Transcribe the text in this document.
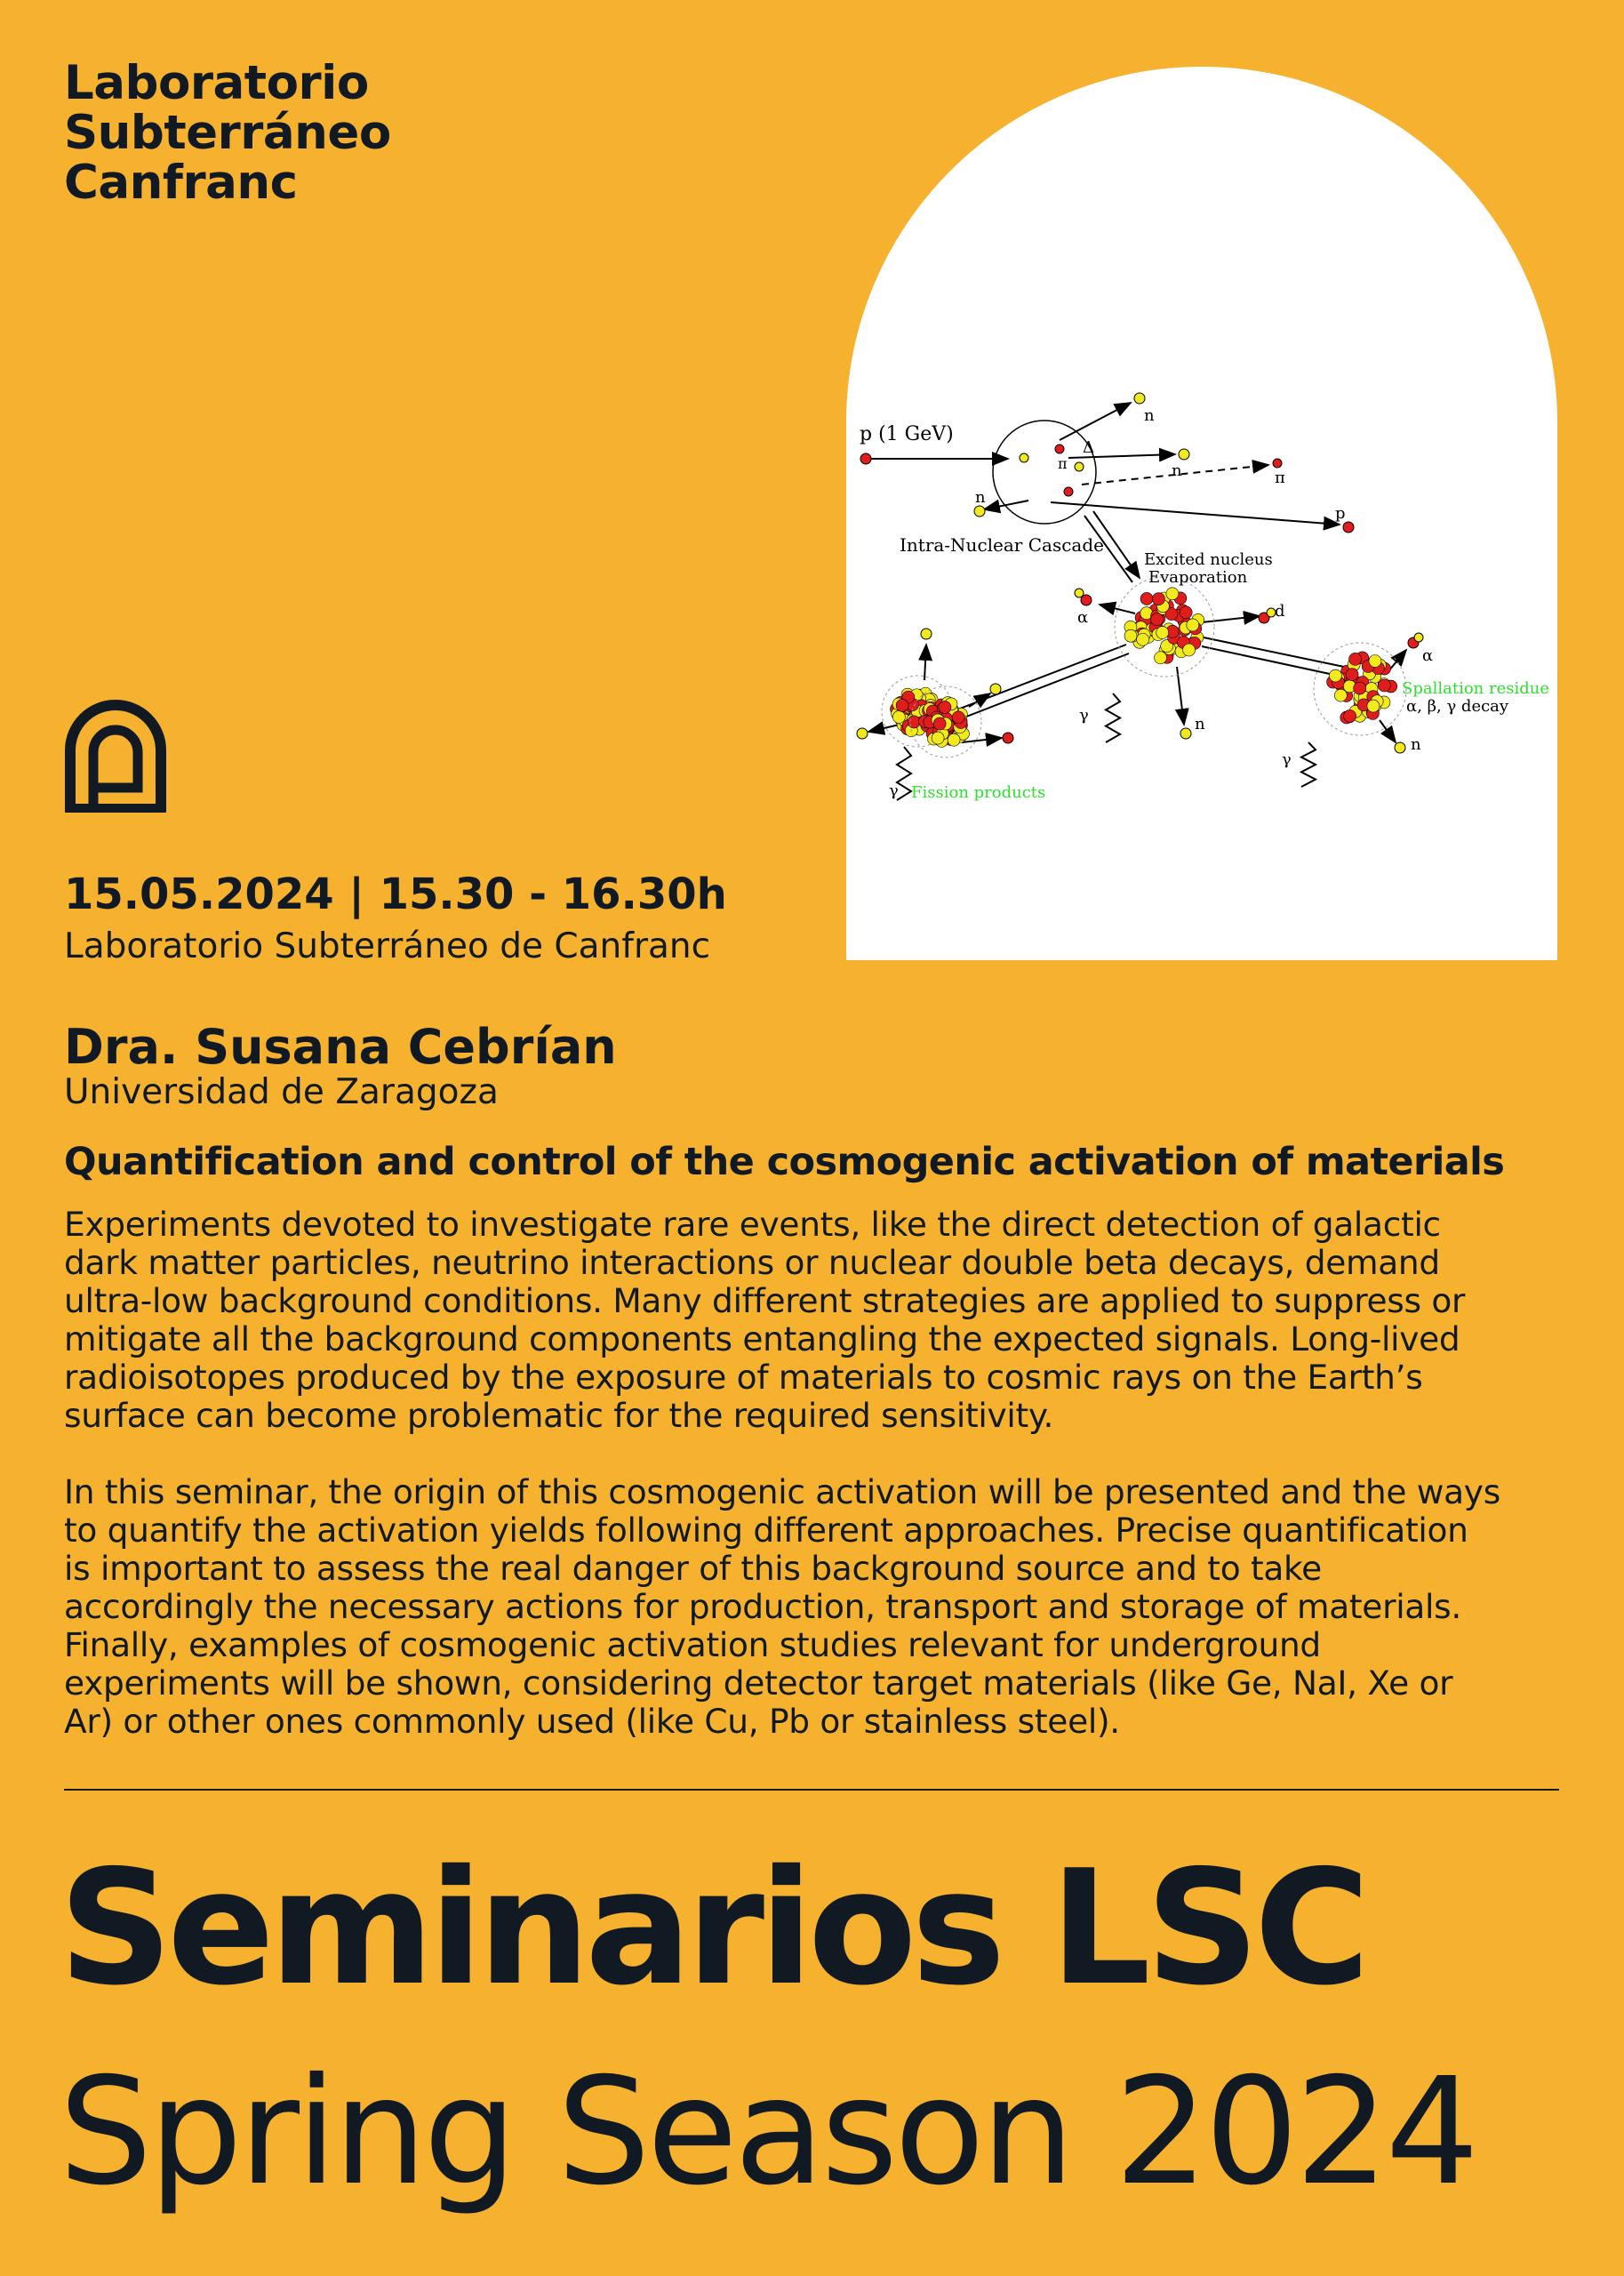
Laboratorio
Subterráneo
Canfranc
p (1 GeV)
n
Δ
π	n	π
n
p
Intra-Nuclear Cascade
Excited nucleus
Evaporation
α	d
γ	n
α
Spallation residue
α, β, γ decay
n
γ
γ Fission products
15.05.2024 | 15.30 - 16.30h
Laboratorio Subterráneo de Canfranc
Dra. Susana Cebrían
Universidad de Zaragoza
Quantification and control of the cosmogenic activation of materials

Experiments devoted to investigate rare events, like the direct detection of galactic
dark matter particles, neutrino interactions or nuclear double beta decays, demand
ultra-low background conditions. Many different strategies are applied to suppress or
mitigate all the background components entangling the expected signals. Long-lived
radioisotopes produced by the exposure of materials to cosmic rays on the Earth’s
surface can become problematic for the required sensitivity.

In this seminar, the origin of this cosmogenic activation will be presented and the ways
to quantify the activation yields following different approaches. Precise quantification
is important to assess the real danger of this background source and to take
accordingly the necessary actions for production, transport and storage of materials.
Finally, examples of cosmogenic activation studies relevant for underground
experiments will be shown, considering detector target materials (like Ge, NaI, Xe or
Ar) or other ones commonly used (like Cu, Pb or stainless steel).

Seminarios LSC
Spring Season 2024
